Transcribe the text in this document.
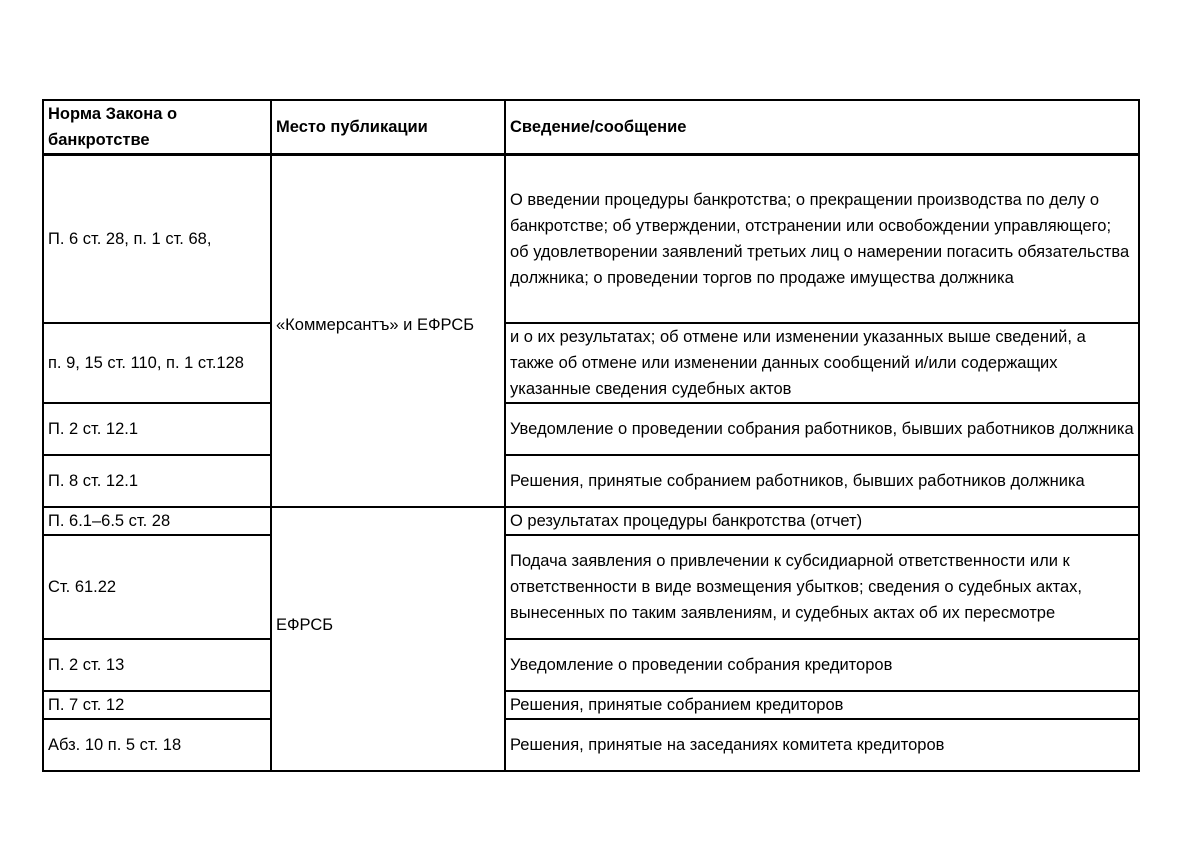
Норма Закона о банкротстве	Место публикации	Сведение/сообщение
П. 6 ст. 28, п. 1 ст. 68,	«Коммерсантъ» и ЕФРСБ	О введении процедуры банкротства; о прекращении производства по делу о банкротстве; об утверждении, отстранении или освобождении управляющего; об удовлетворении заявлений третьих лиц о намерении погасить обязательства должника; о проведении торгов по продаже имущества должника
п. 9, 15 ст. 110, п. 1 ст.128		и о их результатах; об отмене или изменении указанных выше сведений, а также об отмене или изменении данных сообщений и/или содержащих указанные сведения судебных актов
П. 2 ст. 12.1		Уведомление о проведении собрания работников, бывших работников должника
П. 8 ст. 12.1		Решения, принятые собранием работников, бывших работников должника
П. 6.1–6.5 ст. 28	ЕФРСБ	О результатах процедуры банкротства (отчет)
Ст. 61.22		Подача заявления о привлечении к субсидиарной ответственности или к ответственности в виде возмещения убытков; сведения о судебных актах, вынесенных по таким заявлениям, и судебных актах об их пересмотре
П. 2 ст. 13		Уведомление о проведении собрания кредиторов
П. 7 ст. 12		Решения, принятые собранием кредиторов
Абз. 10 п. 5 ст. 18		Решения, принятые на заседаниях комитета кредиторов
